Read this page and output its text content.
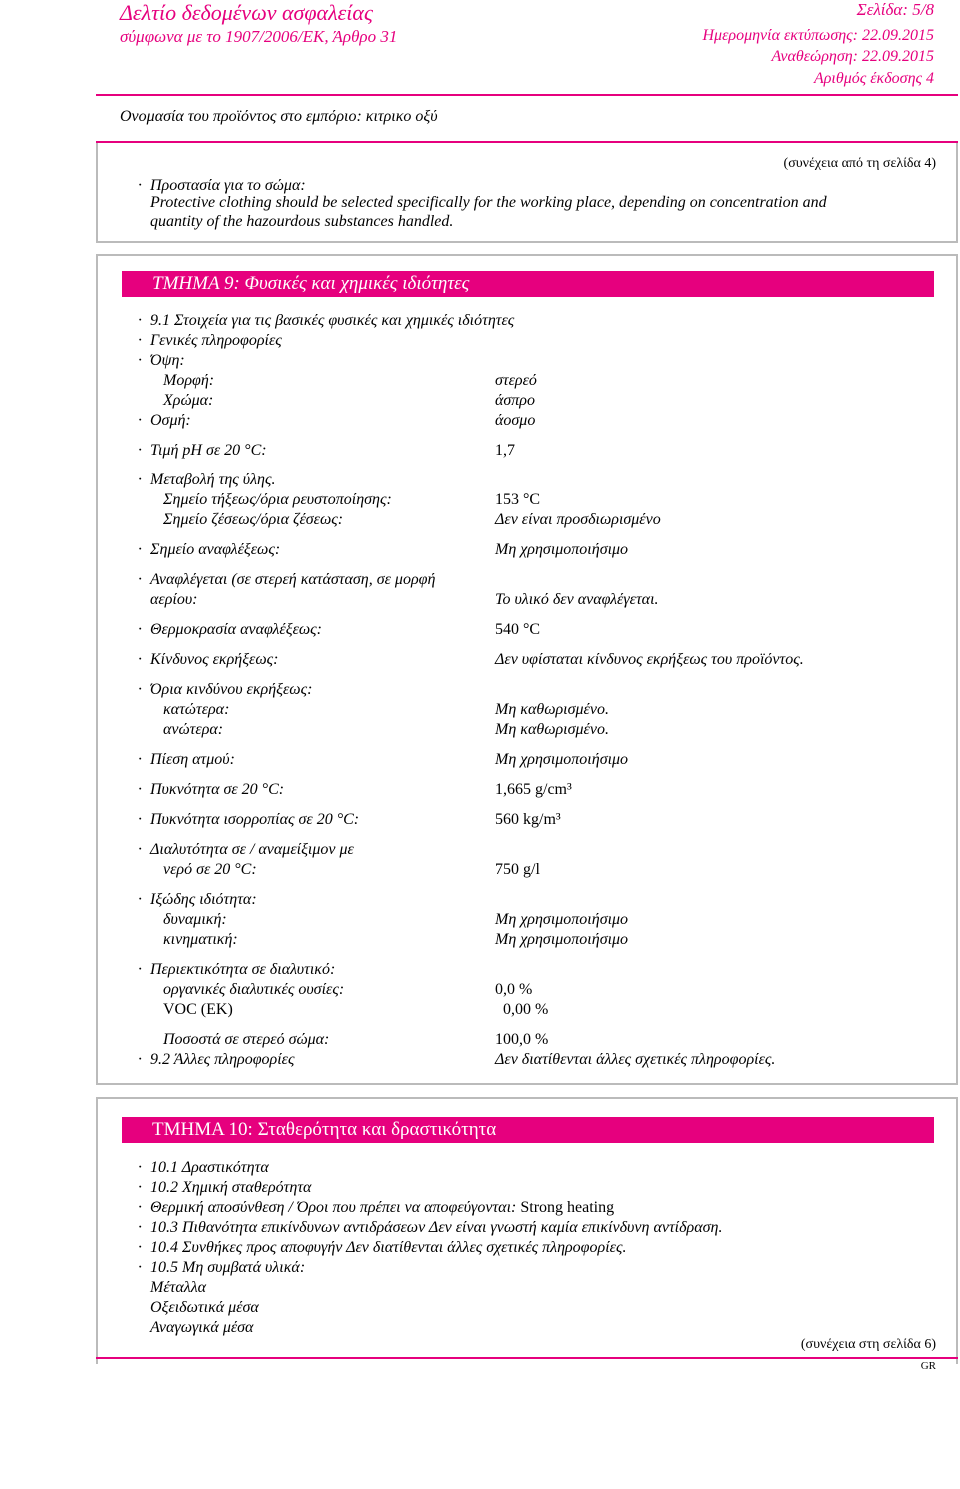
Δελτίο δεδομένων ασφαλείας
σύμφωνα με το 1907/2006/ΕΚ, Άρθρο 31
Σελίδα: 5/8
Ημερομηνία εκτύπωσης: 22.09.2015
Αναθεώρηση: 22.09.2015
Αριθμός έκδοσης 4
Ονομασία του προϊόντος στο εμπόριο: κιτρικο οξύ
(συνέχεια από τη σελίδα 4)
· Προστασία για το σώμα:
Protective clothing should be selected specifically for the working place, depending on concentration and
quantity of the hazourdous substances handled.
ΤΜΗΜΑ 9: Φυσικές και χημικές ιδιότητες
· 9.1 Στοιχεία για τις βασικές φυσικές και χημικές ιδιότητες
· Γενικές πληροφορίες
· Όψη:
Μορφή:	στερεό
Χρώμα:	άσπρο
· Οσμή:	άοσμο
· Τιμή pH σε 20 °C:	1,7
· Μεταβολή της ύλης.
Σημείο τήξεως/όρια ρευστοποίησης:	153 °C
Σημείο ζέσεως/όρια ζέσεως:	Δεν είναι προσδιωρισμένο
· Σημείο αναφλέξεως:	Μη χρησιμοποιήσιμο
· Αναφλέγεται (σε στερεή κατάσταση, σε μορφή
αερίου:	Το υλικό δεν αναφλέγεται.
· Θερμοκρασία αναφλέξεως:	540 °C
· Κίνδυνος εκρήξεως:	Δεν υφίσταται κίνδυνος εκρήξεως του προϊόντος.
· Όρια κινδύνου εκρήξεως:
κατώτερα:	Μη καθωρισμένο.
ανώτερα:	Μη καθωρισμένο.
· Πίεση ατμού:	Μη χρησιμοποιήσιμο
· Πυκνότητα σε 20 °C:	1,665 g/cm³
· Πυκνότητα ισορροπίας σε 20 °C:	560 kg/m³
· Διαλυτότητα σε / αναμείξιμον με
νερό σε 20 °C:	750 g/l
· Ιξώδης ιδιότητα:
δυναμική:	Μη χρησιμοποιήσιμο
κινηματική:	Μη χρησιμοποιήσιμο
· Περιεκτικότητα σε διαλυτικό:
οργανικές διαλυτικές ουσίες:	0,0 %
VOC (ΕΚ)	0,00 %
Ποσοστά σε στερεό σώμα:	100,0 %
· 9.2 Άλλες πληροφορίες	Δεν διατίθενται άλλες σχετικές πληροφορίες.
ΤΜΗΜΑ 10: Σταθερότητα και δραστικότητα
· 10.1 Δραστικότητα
· 10.2 Χημική σταθερότητα
· Θερμική αποσύνθεση / Όροι που πρέπει να αποφεύγονται: Strong heating
· 10.3 Πιθανότητα επικίνδυνων αντιδράσεων Δεν είναι γνωστή καμία επικίνδυνη αντίδραση.
· 10.4 Συνθήκες προς αποφυγήν Δεν διατίθενται άλλες σχετικές πληροφορίες.
· 10.5 Μη συμβατά υλικά:
Μέταλλα
Οξειδωτικά μέσα
Αναγωγικά μέσα
(συνέχεια στη σελίδα 6)
GR
